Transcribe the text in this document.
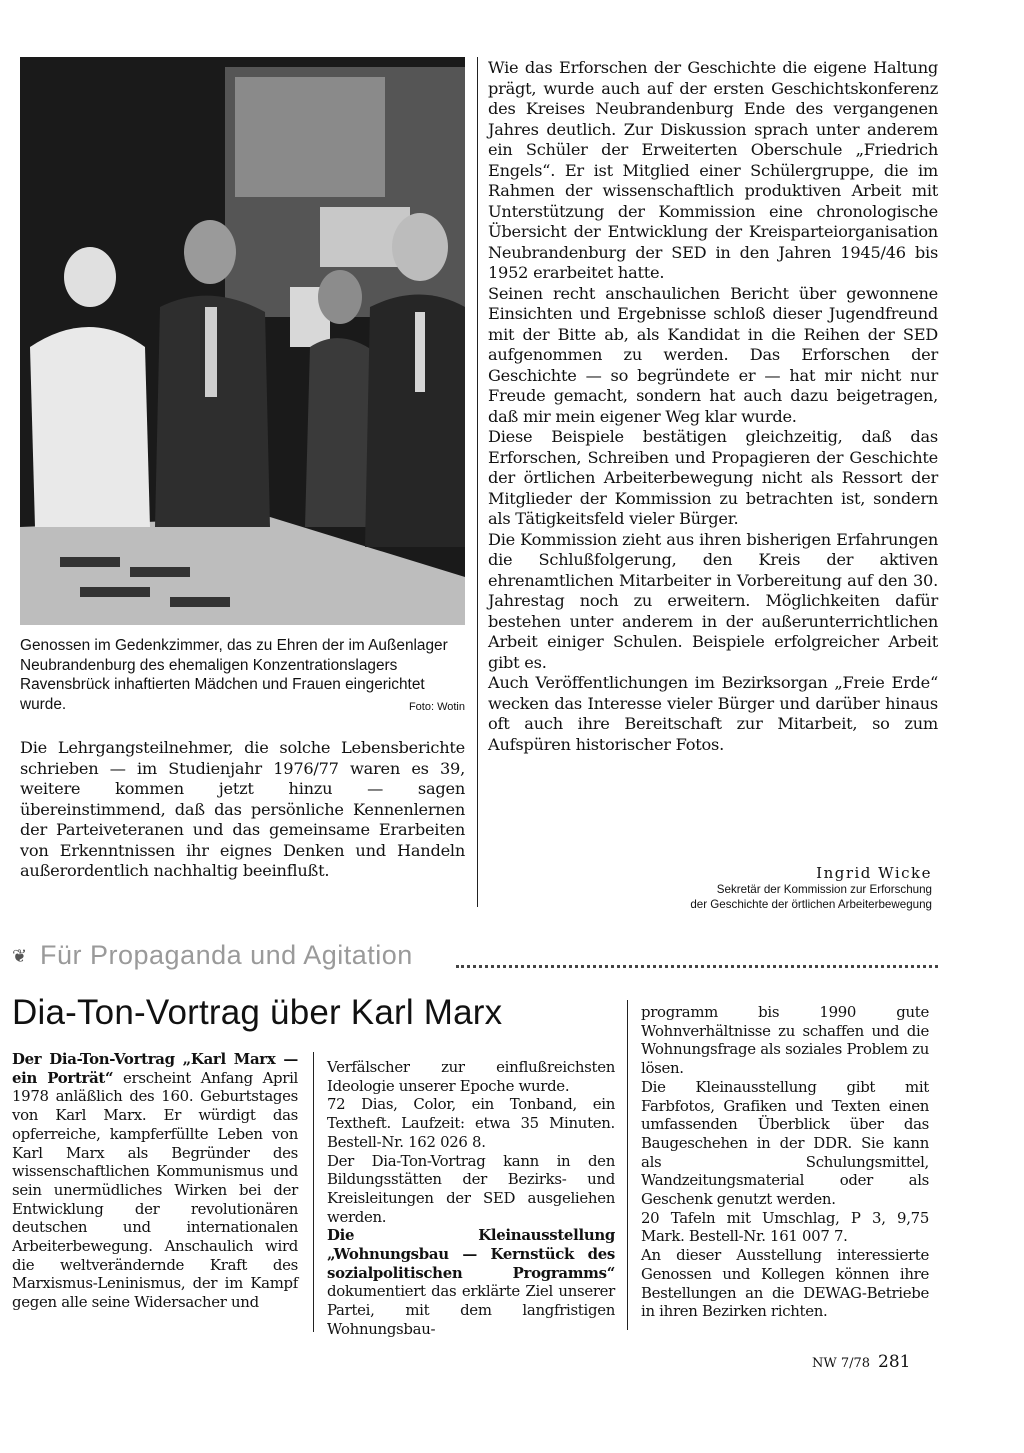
Genossen im Gedenkzimmer, das zu Ehren der im Außenlager Neubrandenburg des ehemaligen Konzentrationslagers Ravensbrück inhaftierten Mädchen und Frauen eingerichtet wurde.	Foto: Wotin

Die Lehrgangsteilnehmer, die solche Lebensberichte schrieben — im Studienjahr 1976/77 waren es 39, weitere kommen jetzt hinzu — sagen übereinstimmend, daß das persönliche Kennenlernen der Parteiveteranen und das gemeinsame Erarbeiten von Erkenntnissen ihr eignes Denken und Handeln außerordentlich nachhaltig beeinflußt.

Wie das Erforschen der Geschichte die eigene Haltung prägt, wurde auch auf der ersten Geschichtskonferenz des Kreises Neubrandenburg Ende des vergangenen Jahres deutlich. Zur Diskussion sprach unter anderem ein Schüler der Erweiterten Oberschule „Friedrich Engels“. Er ist Mitglied einer Schülergruppe, die im Rahmen der wissenschaftlich produktiven Arbeit mit Unterstützung der Kommission eine chronologische Übersicht der Entwicklung der Kreisparteiorganisation Neubrandenburg der SED in den Jahren 1945/46 bis 1952 erarbeitet hatte.

Seinen recht anschaulichen Bericht über gewonnene Einsichten und Ergebnisse schloß dieser Jugendfreund mit der Bitte ab, als Kandidat in die Reihen der SED aufgenommen zu werden. Das Erforschen der Geschichte — so begründete er — hat mir nicht nur Freude gemacht, sondern hat auch dazu beigetragen, daß mir mein eigener Weg klar wurde.

Diese Beispiele bestätigen gleichzeitig, daß das Erforschen, Schreiben und Propagieren der Geschichte der örtlichen Arbeiterbewegung nicht als Ressort der Mitglieder der Kommission zu betrachten ist, sondern als Tätigkeitsfeld vieler Bürger.

Die Kommission zieht aus ihren bisherigen Erfahrungen die Schlußfolgerung, den Kreis der aktiven ehrenamtlichen Mitarbeiter in Vorbereitung auf den 30. Jahrestag noch zu erweitern. Möglichkeiten dafür bestehen unter anderem in der außerunterrichtlichen Arbeit einiger Schulen. Beispiele erfolgreicher Arbeit gibt es.

Auch Veröffentlichungen im Bezirksorgan „Freie Erde“ wecken das Interesse vieler Bürger und darüber hinaus oft auch ihre Bereitschaft zur Mitarbeit, so zum Aufspüren historischer Fotos.

Ingrid Wicke
Sekretär der Kommission zur Erforschung
der Geschichte der örtlichen Arbeiterbewegung
❦ Für Propaganda und Agitation
Dia-Ton-Vortrag über Karl Marx

Der Dia-Ton-Vortrag „Karl Marx — ein Porträt“ erscheint Anfang April 1978 anläßlich des 160. Geburtstages von Karl Marx. Er würdigt das opferreiche, kampferfüllte Leben von Karl Marx als Begründer des wissenschaftlichen Kommunismus und sein unermüdliches Wirken bei der Entwicklung der revolutionären deutschen und internationalen Arbeiterbewegung. Anschaulich wird die weltverändernde Kraft des Marxismus-Leninismus, der im Kampf gegen alle seine Widersacher und

Verfälscher zur einflußreichsten Ideologie unserer Epoche wurde.

72 Dias, Color, ein Tonband, ein Textheft. Laufzeit: etwa 35 Minuten. Bestell-Nr. 162 026 8.

Der Dia-Ton-Vortrag kann in den Bildungsstätten der Bezirks- und Kreisleitungen der SED ausgeliehen werden.

Die Kleinausstellung „Wohnungsbau — Kernstück des sozialpolitischen Programms“ dokumentiert das erklärte Ziel unserer Partei, mit dem langfristigen Wohnungsbau-

programm bis 1990 gute Wohnverhältnisse zu schaffen und die Wohnungsfrage als soziales Problem zu lösen.

Die Kleinausstellung gibt mit Farbfotos, Grafiken und Texten einen umfassenden Überblick über das Baugeschehen in der DDR. Sie kann als Schulungsmittel, Wandzeitungsmaterial oder als Geschenk genutzt werden.

20 Tafeln mit Umschlag, P 3, 9,75 Mark. Bestell-Nr. 161 007 7.

An dieser Ausstellung interessierte Genossen und Kollegen können ihre Bestellungen an die DEWAG-Betriebe in ihren Bezirken richten.

NW 7/78 281
